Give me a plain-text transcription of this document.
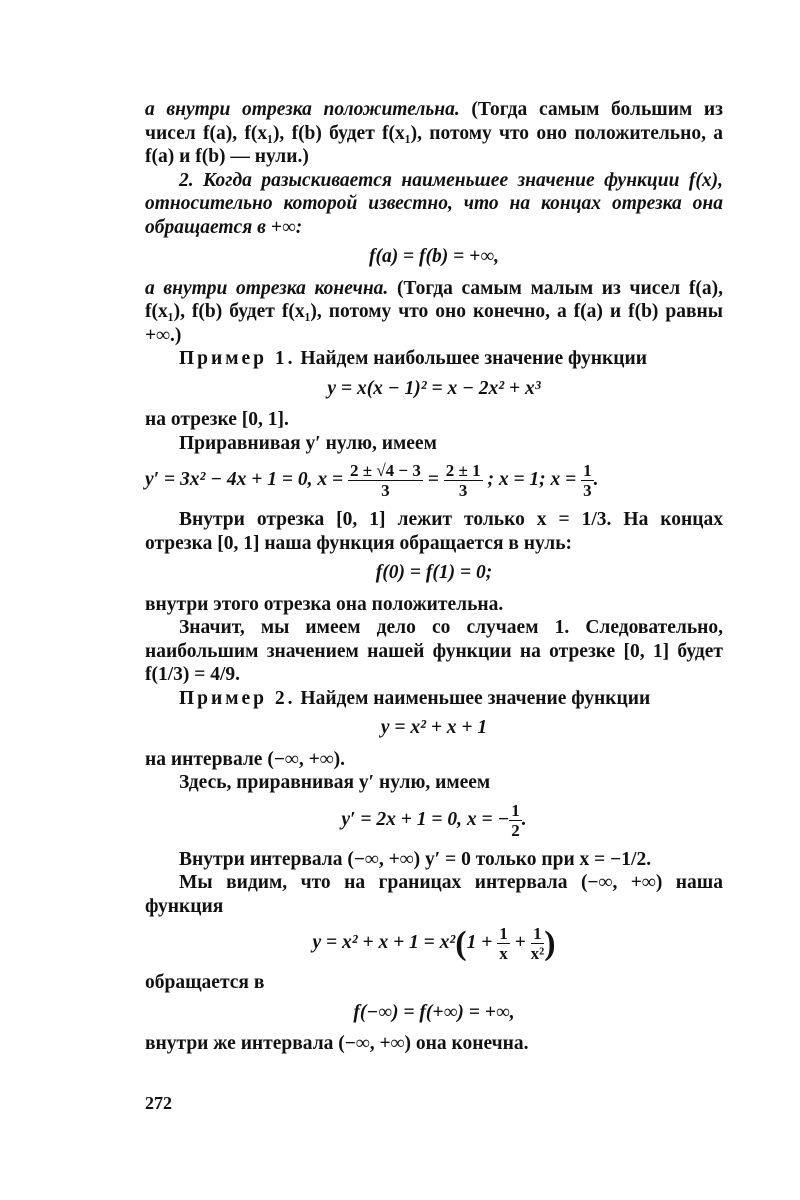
а внутри отрезка положительна. (Тогда самым большим из чисел f(a), f(x₁), f(b) будет f(x₁), потому что оно положительно, а f(a) и f(b) — нули.)

2. Когда разыскивается наименьшее значение функции f(x), относительно которой известно, что на концах отрезка она обращается в +∞:

f(a) = f(b) = +∞,

а внутри отрезка конечна. (Тогда самым малым из чисел f(a), f(x₁), f(b) будет f(x₁), потому что оно конечно, а f(a) и f(b) равны +∞.)

Пример 1. Найдем наибольшее значение функции

y = x(x − 1)² = x − 2x² + x³

на отрезке [0, 1].

Приравнивая y′ нулю, имеем

y′ = 3x² − 4x + 1 = 0, $x = \frac{2 \pm √4 - 3}{3} = \frac{2 \pm 1}{3}$ ; x = 1; $x = \frac{1}{3}$ .

Внутри отрезка [0, 1] лежит только x = 1/3. На концах отрезка [0, 1] наша функция обращается в нуль:

f(0) = f(1) = 0;

внутри этого отрезка она положительна.

Значит, мы имеем дело со случаем 1. Следовательно, наибольшим значением нашей функции на отрезке [0, 1] будет f(1/3) = 4/9.

Пример 2. Найдем наименьшее значение функции

y = x² + x + 1

на интервале (−∞, +∞).

Здесь, приравнивая y′ нулю, имеем

y′ = 2x + 1 = 0, x = − $\frac{1}{2}$ .

Внутри интервала (−∞, +∞) y′ = 0 только при x = −1/2.

Мы видим, что на границах интервала (−∞, +∞) наша функция

$y = x^2 + x + 1 = x^2(1 + \frac{1}{x} + \frac{1}{\text{x²}}$ )

обращается в

f(−∞) = f(+∞) = +∞,

внутри же интервала (−∞, +∞) она конечна.

272
